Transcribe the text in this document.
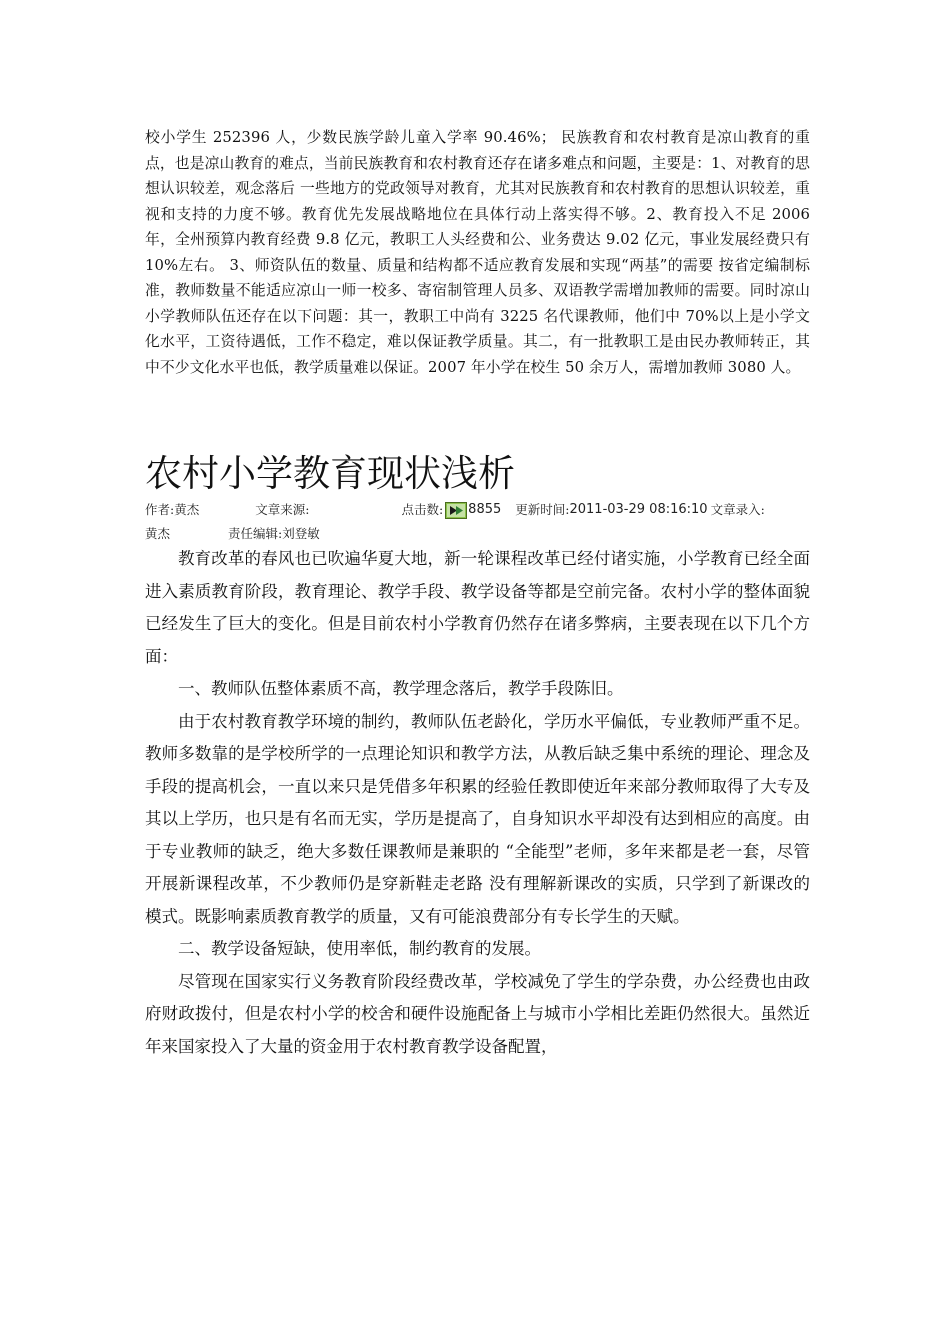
校小学生 252396 人，少数民族学龄儿童入学率 90.46%； 民族教育和农村教育是凉山教育的重点，也是凉山教育的难点，当前民族教育和农村教育还存在诸多难点和问题，主要是：1、对教育的思想认识较差，观念落后 一些地方的党政领导对教育，尤其对民族教育和农村教育的思想认识较差，重视和支持的力度不够。教育优先发展战略地位在具体行动上落实得不够。2、教育投入不足 2006 年，全州预算内教育经费 9.8 亿元，教职工人头经费和公、业务费达 9.02 亿元，事业发展经费只有 10%左右。 3、师资队伍的数量、质量和结构都不适应教育发展和实现“两基”的需要 按省定编制标准，教师数量不能适应凉山一师一校多、寄宿制管理人员多、双语教学需增加教师的需要。同时凉山小学教师队伍还存在以下问题：其一，教职工中尚有 3225 名代课教师，他们中 70%以上是小学文化水平，工资待遇低，工作不稳定，难以保证教学质量。其二，有一批教职工是由民办教师转正，其中不少文化水平也低，教学质量难以保证。2007 年小学在校生 50 余万人，需增加教师 3080 人。
农村小学教育现状浅析
作者: 黄杰	文章来源:	点击数: 8855 更新时间: 2011-03-29 08:16:10 文章录入:
黄杰	责任编辑: 刘登敏

教育改革的春风也已吹遍华夏大地，新一轮课程改革已经付诸实施，小学教育已经全面进入素质教育阶段，教育理论、教学手段、教学设备等都是空前完备。农村小学的整体面貌已经发生了巨大的变化。但是目前农村小学教育仍然存在诸多弊病，主要表现在以下几个方面：

一、教师队伍整体素质不高，教学理念落后，教学手段陈旧。

由于农村教育教学环境的制约，教师队伍老龄化，学历水平偏低，专业教师严重不足。教师多数靠的是学校所学的一点理论知识和教学方法，从教后缺乏集中系统的理论、理念及手段的提高机会，一直以来只是凭借多年积累的经验任教即使近年来部分教师取得了大专及其以上学历，也只是有名而无实，学历是提高了，自身知识水平却没有达到相应的高度。由于专业教师的缺乏，绝大多数任课教师是兼职的 “全能型”老师，多年来都是老一套，尽管开展新课程改革，不少教师仍是穿新鞋走老路 没有理解新课改的实质，只学到了新课改的模式。既影响素质教育教学的质量，又有可能浪费部分有专长学生的天赋。

二、教学设备短缺，使用率低，制约教育的发展。

尽管现在国家实行义务教育阶段经费改革，学校减免了学生的学杂费，办公经费也由政府财政拨付，但是农村小学的校舍和硬件设施配备上与城市小学相比差距仍然很大。虽然近年来国家投入了大量的资金用于农村教育教学设备配置，
